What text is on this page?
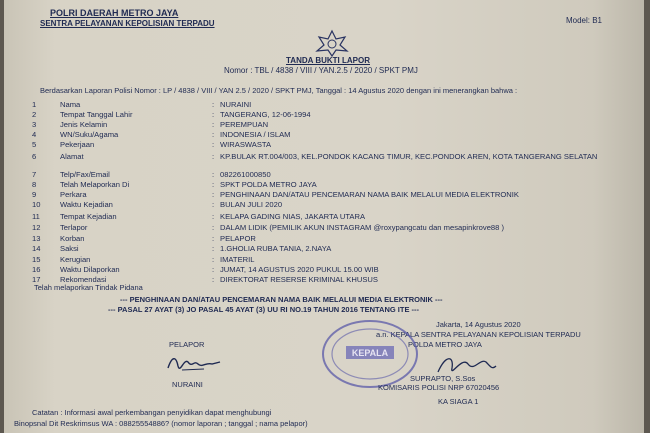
POLRI DAERAH METRO JAYA
SENTRA PELAYANAN KEPOLISIAN TERPADU	Model: B1
TANDA BUKTI LAPOR
Nomor : TBL / 4838 / VIII / YAN.2.5 / 2020 / SPKT PMJ
Berdasarkan Laporan Polisi Nomor : LP / 4838 / VIII / YAN 2.5 / 2020 / SPKT PMJ, Tanggal : 14 Agustus 2020 dengan ini menerangkan bahwa :
1	Nama	: NURAINI
2	Tempat Tanggal Lahir	: TANGERANG, 12-06-1994
3	Jenis Kelamin	: PEREMPUAN
4	WN/Suku/Agama	: INDONESIA / ISLAM
5	Pekerjaan	: WIRASWASTA
6	Alamat	: KP.BULAK RT.004/003, KEL.PONDOK KACANG TIMUR, KEC.PONDOK AREN, KOTA TANGERANG SELATAN
7	Telp/Fax/Email	: 082261000850
8	Telah Melaporkan Di	: SPKT POLDA METRO JAYA
9	Perkara	: PENGHINAAN DAN/ATAU PENCEMARAN NAMA BAIK MELALUI MEDIA ELEKTRONIK
10	Waktu Kejadian	: BULAN JULI 2020
11	Tempat Kejadian	: KELAPA GADING NIAS, JAKARTA UTARA
12	Terlapor	: DALAM LIDIK (PEMILIK AKUN INSTAGRAM @roxypangcatu dan mesapinkrove88 )
13	Korban	: PELAPOR
14	Saksi	: 1.GHOLIA RUBA TANIA, 2.NAYA
15	Kerugian	: IMATERIL
16	Waktu Dilaporkan	: JUMAT, 14 AGUSTUS 2020 PUKUL 15.00 WIB
17	Rekomendasi	: DIREKTORAT RESERSE KRIMINAL KHUSUS
Telah melaporkan Tindak Pidana
--- PENGHINAAN DAN/ATAU PENCEMARAN NAMA BAIK MELALUI MEDIA ELEKTRONIK ---
--- PASAL 27 AYAT (3) JO PASAL 45 AYAT (3) UU RI NO.19 TAHUN 2016 TENTANG ITE ---
Jakarta, 14 Agustus 2020
a.n. KEPALA SENTRA PELAYANAN KEPOLISIAN TERPADU
POLDA METRO JAYA
PELAPOR
NURAINI
KEPALA
SUPRAPTO, S.Sos
KOMISARIS POLISI NRP 67020456
KA SIAGA 1
Catatan : Informasi awal perkembangan penyidikan dapat menghubungi
Binopsnal Dit Reskrimsus WA : 08825554886? (nomor laporan ; tanggal ; nama pelapor)
